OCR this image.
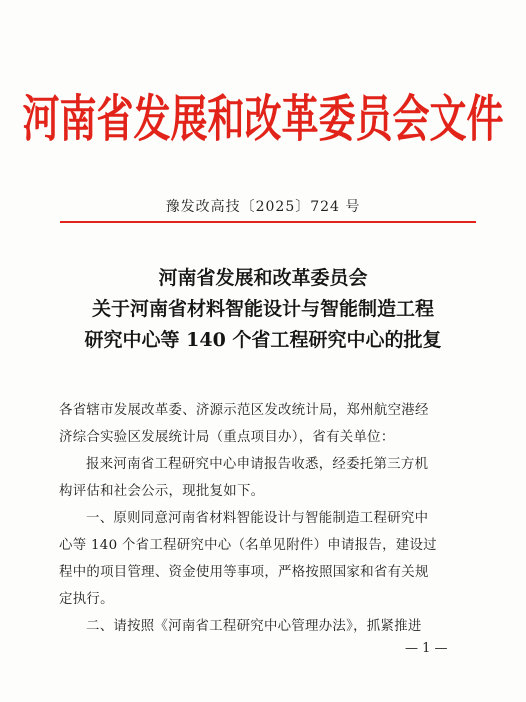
河南省发展和改革委员会文件
豫发改高技〔2025〕724 号
河南省发展和改革委员会
关于河南省材料智能设计与智能制造工程
研究中心等 140 个省工程研究中心的批复
各省辖市发展改革委、济源示范区发改统计局，郑州航空港经
济综合实验区发展统计局（重点项目办），省有关单位：
报来河南省工程研究中心申请报告收悉，经委托第三方机
构评估和社会公示，现批复如下。
一、原则同意河南省材料智能设计与智能制造工程研究中
心等 140 个省工程研究中心（名单见附件）申请报告，建设过
程中的项目管理、资金使用等事项，严格按照国家和省有关规
定执行。
二、请按照《河南省工程研究中心管理办法》，抓紧推进
— 1 —
